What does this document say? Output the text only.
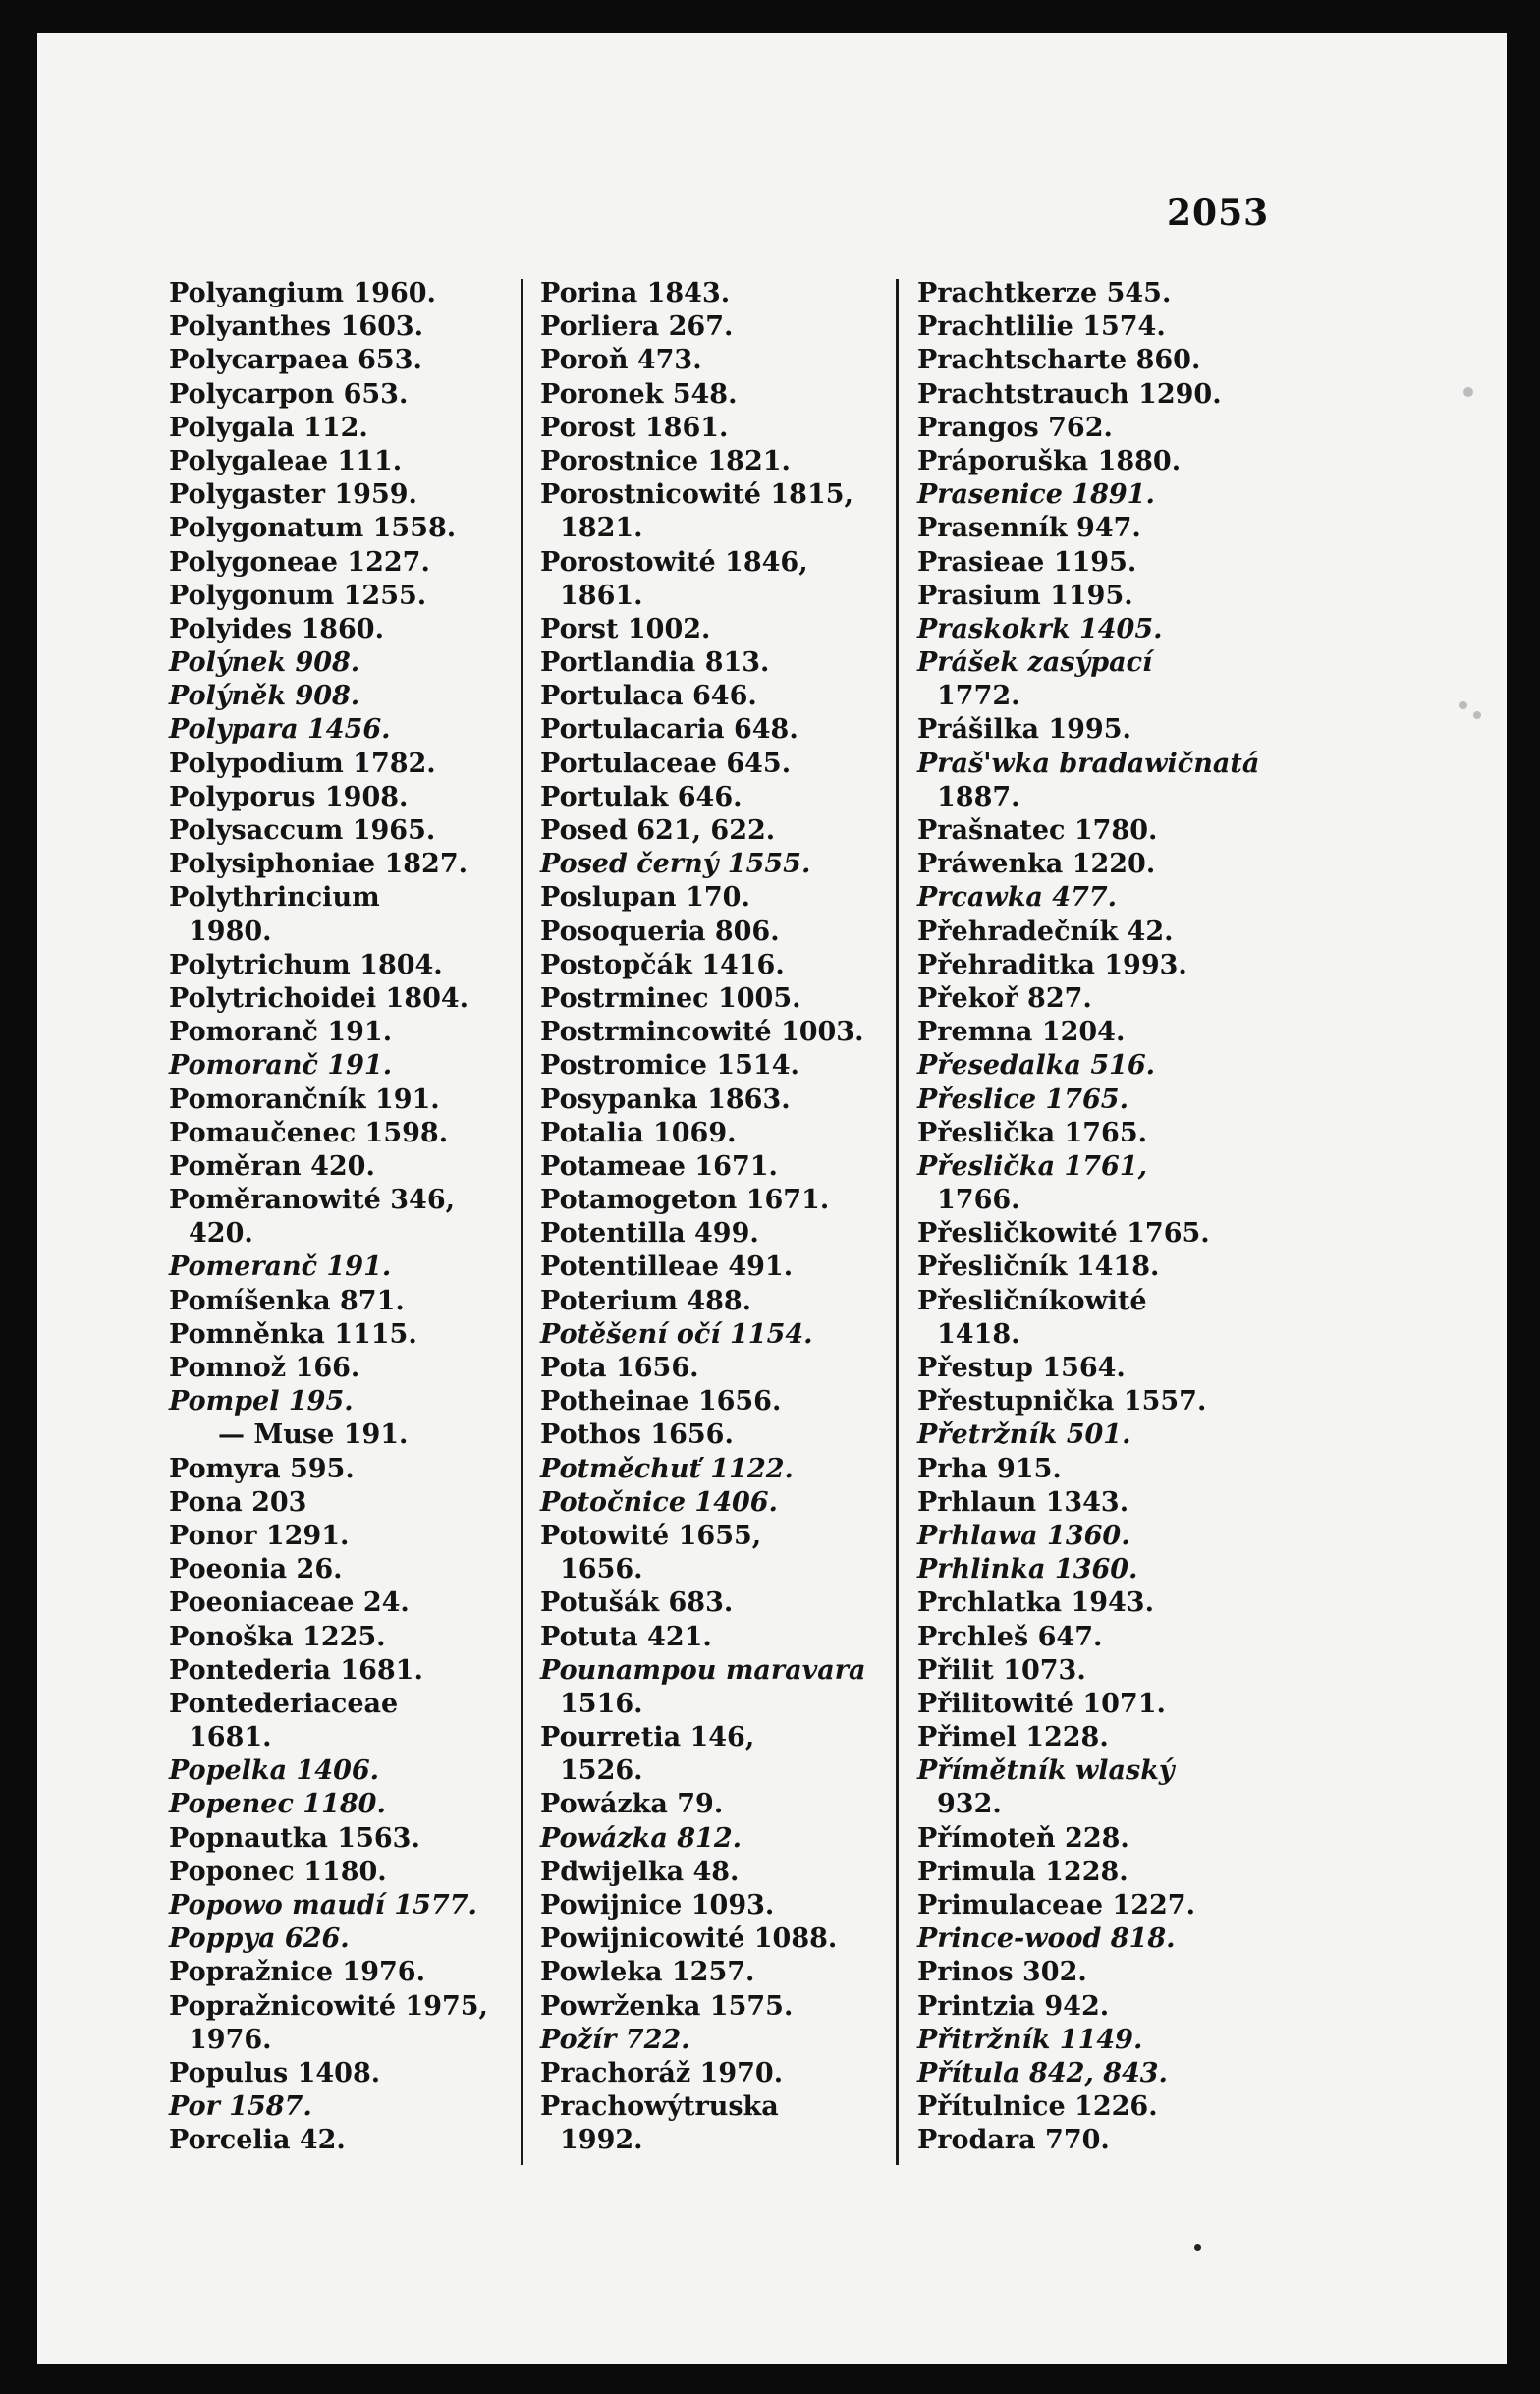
2053
Polyangium 1960.
Polyanthes 1603.
Polycarpaea 653.
Polycarpon 653.
Polygala 112.
Polygaleae 111.
Polygaster 1959.
Polygonatum 1558.
Polygoneae 1227.
Polygonum 1255.
Polyides 1860.
Polýnek 908.
Polýněk 908.
Polypara 1456.
Polypodium 1782.
Polyporus 1908.
Polysaccum 1965.
Polysiphoniae 1827.
Polythrincium
1980.
Polytrichum 1804.
Polytrichoidei 1804.
Pomoranč 191.
Pomoranč 191.
Pomorančník 191.
Pomaučenec 1598.
Poměran 420.
Poměranowité 346,
420.
Pomeranč 191.
Pomíšenka 871.
Pomněnka 1115.
Pomnož 166.
Pompel 195.
— Muse 191.
Pomyra 595.
Pona 203
Ponor 1291.
Poeonia 26.
Poeoniaceae 24.
Ponoška 1225.
Pontederia 1681.
Pontederiaceae
1681.
Popelka 1406.
Popenec 1180.
Popnautka 1563.
Poponec 1180.
Popowo maudí 1577.
Poppya 626.
Popražnice 1976.
Popražnicowité 1975,
1976.
Populus 1408.
Por 1587.
Porcelia 42.
Porina 1843.
Porliera 267.
Poroň 473.
Poronek 548.
Porost 1861.
Porostnice 1821.
Porostnicowité 1815,
1821.
Porostowité 1846,
1861.
Porst 1002.
Portlandia 813.
Portulaca 646.
Portulacaria 648.
Portulaceae 645.
Portulak 646.
Posed 621, 622.
Posed černý 1555.
Poslupan 170.
Posoqueria 806.
Postopčák 1416.
Postrminec 1005.
Postrmincowité 1003.
Postromice 1514.
Posypanka 1863.
Potalia 1069.
Potameae 1671.
Potamogeton 1671.
Potentilla 499.
Potentilleae 491.
Poterium 488.
Potěšení očí 1154.
Pota 1656.
Potheinae 1656.
Pothos 1656.
Potměchuť 1122.
Potočnice 1406.
Potowité 1655,
1656.
Potušák 683.
Potuta 421.
Pounampou maravara
1516.
Pourretia 146,
1526.
Powázka 79.
Powázka 812.
Pdwijelka 48.
Powijnice 1093.
Powijnicowité 1088.
Powleka 1257.
Powrženka 1575.
Požír 722.
Prachoráž 1970.
Prachowýtruska
1992.
Prachtkerze 545.
Prachtlilie 1574.
Prachtscharte 860.
Prachtstrauch 1290.
Prangos 762.
Práporuška 1880.
Prasenice 1891.
Prasenník 947.
Prasieae 1195.
Prasium 1195.
Praskokrk 1405.
Prášek zasýpací
1772.
Prášilka 1995.
Praš'wka bradawičnatá
1887.
Prašnatec 1780.
Práwenka 1220.
Prcawka 477.
Přehradečník 42.
Přehraditka 1993.
Překoř 827.
Premna 1204.
Přesedalka 516.
Přeslice 1765.
Přeslička 1765.
Přeslička 1761,
1766.
Přesličkowité 1765.
Přesličník 1418.
Přesličníkowité
1418.
Přestup 1564.
Přestupnička 1557.
Přetržník 501.
Prha 915.
Prhlaun 1343.
Prhlawa 1360.
Prhlinka 1360.
Prchlatka 1943.
Prchleš 647.
Přilit 1073.
Přilitowité 1071.
Přimel 1228.
Přímětník wlaský
932.
Přímoteň 228.
Primula 1228.
Primulaceae 1227.
Prince-wood 818.
Prinos 302.
Printzia 942.
Přitržník 1149.
Přítula 842, 843.
Přítulnice 1226.
Prodara 770.
